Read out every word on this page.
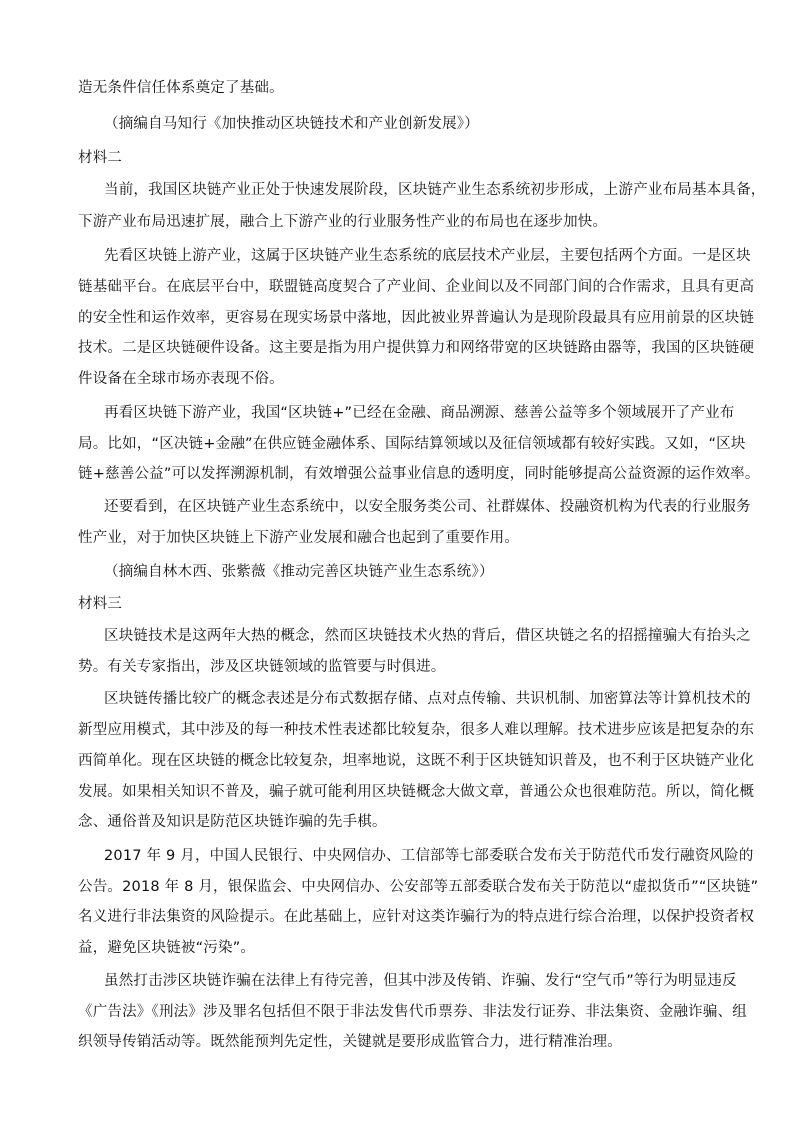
造无条件信任体系奠定了基础。
（摘编自马知行《加快推动区块链技术和产业创新发展》）
材料二
当前，我国区块链产业正处于快速发展阶段，区块链产业生态系统初步形成，上游产业布局基本具备，
下游产业布局迅速扩展，融合上下游产业的行业服务性产业的布局也在逐步加快。
先看区块链上游产业，这属于区块链产业生态系统的底层技术产业层，主要包括两个方面。一是区块
链基础平台。在底层平台中，联盟链高度契合了产业间、企业间以及不同部门间的合作需求，且具有更高
的安全性和运作效率，更容易在现实场景中落地，因此被业界普遍认为是现阶段最具有应用前景的区块链
技术。二是区块链硬件设备。这主要是指为用户提供算力和网络带宽的区块链路由器等，我国的区块链硬
件设备在全球市场亦表现不俗。
再看区块链下游产业，我国“区块链+”已经在金融、商品溯源、慈善公益等多个领域展开了产业布
局。比如，“区决链+金融”在供应链金融体系、国际结算领域以及征信领域都有较好实践。又如，“区块
链+慈善公益”可以发挥溯源机制，有效增强公益事业信息的透明度，同时能够提高公益资源的运作效率。
还要看到，在区块链产业生态系统中，以安全服务类公司、社群媒体、投融资机构为代表的行业服务
性产业，对于加快区块链上下游产业发展和融合也起到了重要作用。
（摘编自林木西、张紫薇《推动完善区块链产业生态系统》）
材料三
区块链技术是这两年大热的概念，然而区块链技术火热的背后，借区块链之名的招摇撞骗大有抬头之
势。有关专家指出，涉及区块链领域的监管要与时俱进。
区块链传播比较广的概念表述是分布式数据存储、点对点传输、共识机制、加密算法等计算机技术的
新型应用模式，其中涉及的每一种技术性表述都比较复杂，很多人难以理解。技术进步应该是把复杂的东
西简单化。现在区块链的概念比较复杂，坦率地说，这既不利于区块链知识普及，也不利于区块链产业化
发展。如果相关知识不普及，骗子就可能利用区块链概念大做文章，普通公众也很难防范。所以，简化概
念、通俗普及知识是防范区块链诈骗的先手棋。
2017 年 9 月，中国人民银行、中央网信办、工信部等七部委联合发布关于防范代币发行融资风险的
公告。2018 年 8 月，银保监会、中央网信办、公安部等五部委联合发布关于防范以“虚拟货币”“区块链”
名义进行非法集资的风险提示。在此基础上，应针对这类诈骗行为的特点进行综合治理，以保护投资者权
益，避免区块链被“污染”。
虽然打击涉区块链诈骗在法律上有待完善，但其中涉及传销、诈骗、发行“空气币”等行为明显违反
《广告法》《刑法》涉及罪名包括但不限于非法发售代币票券、非法发行证券、非法集资、金融诈骗、组
织领导传销活动等。既然能预判先定性，关键就是要形成监管合力，进行精准治理。
